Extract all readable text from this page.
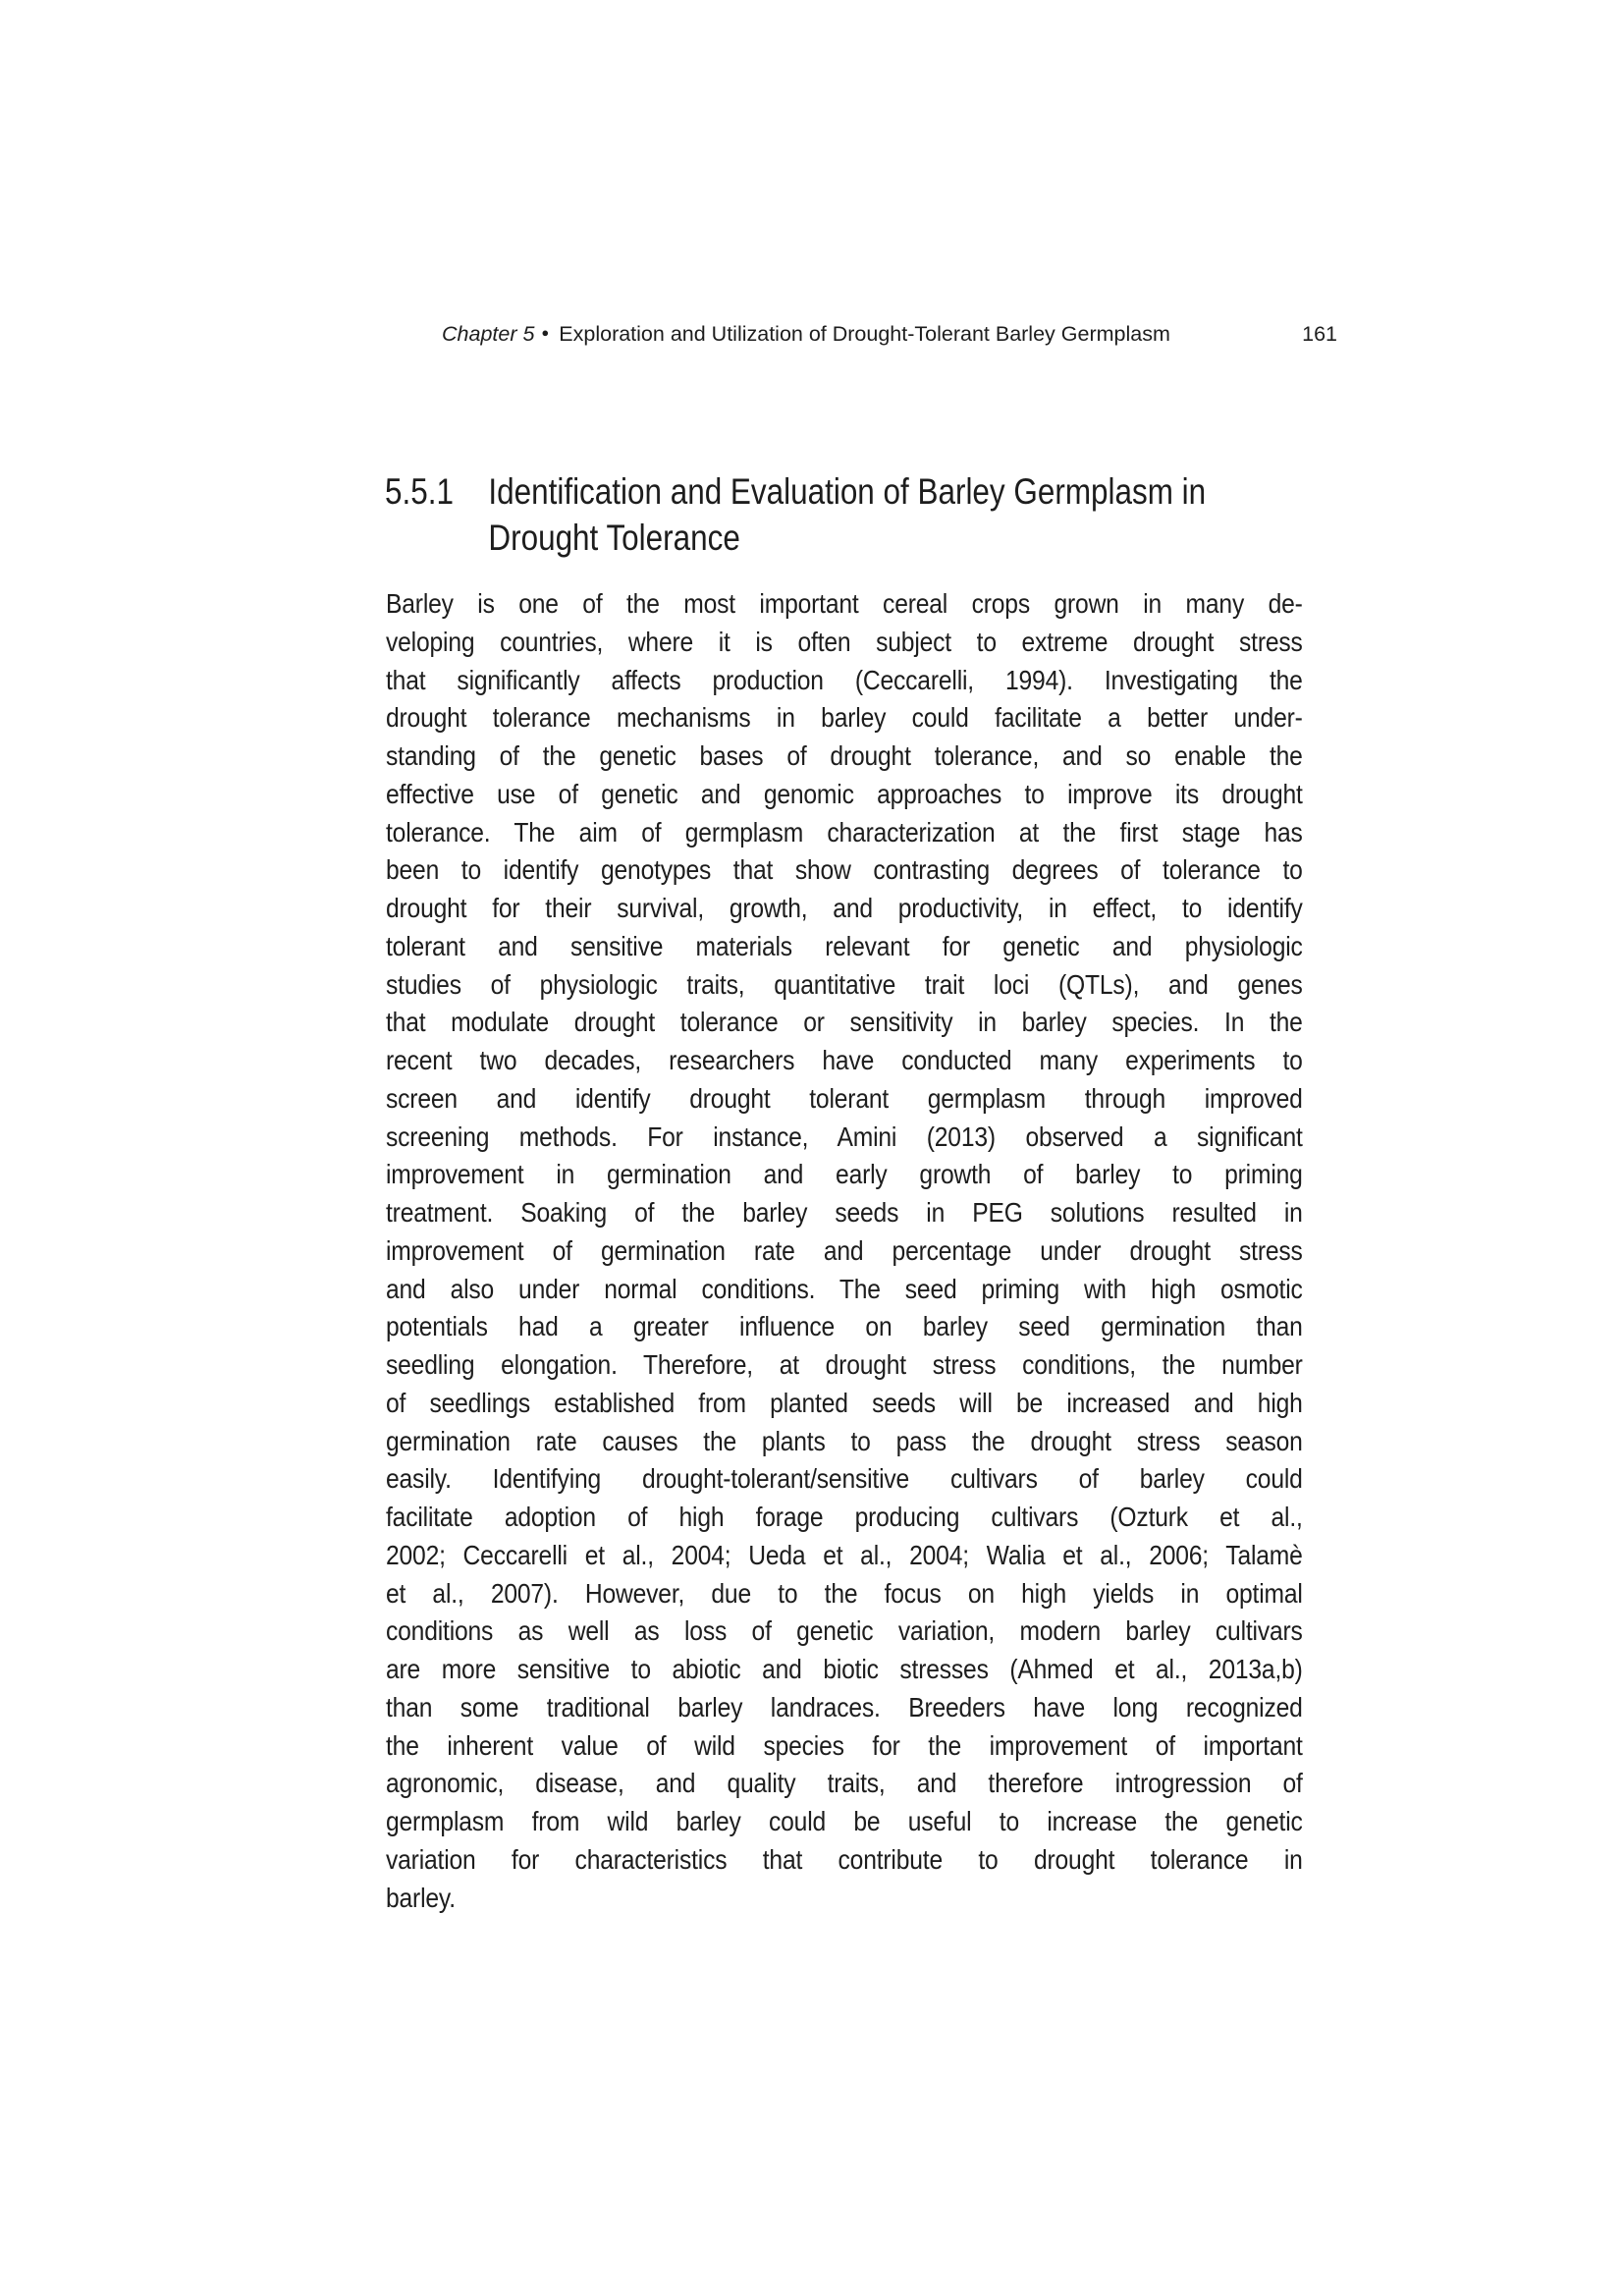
Chapter 5 ● Exploration and Utilization of Drought-Tolerant Barley Germplasm	161
5.5.1 Identification and Evaluation of Barley Germplasm in
Drought Tolerance
Barley is one of the most important cereal crops grown in many de-
veloping countries, where it is often subject to extreme drought stress
that significantly affects production (Ceccarelli, 1994). Investigating the
drought tolerance mechanisms in barley could facilitate a better under-
standing of the genetic bases of drought tolerance, and so enable the
effective use of genetic and genomic approaches to improve its drought
tolerance. The aim of germplasm characterization at the first stage has
been to identify genotypes that show contrasting degrees of tolerance to
drought for their survival, growth, and productivity, in effect, to identify
tolerant and sensitive materials relevant for genetic and physiologic
studies of physiologic traits, quantitative trait loci (QTLs), and genes
that modulate drought tolerance or sensitivity in barley species. In the
recent two decades, researchers have conducted many experiments to
screen and identify drought tolerant germplasm through improved
screening methods. For instance, Amini (2013) observed a significant
improvement in germination and early growth of barley to priming
treatment. Soaking of the barley seeds in PEG solutions resulted in
improvement of germination rate and percentage under drought stress
and also under normal conditions. The seed priming with high osmotic
potentials had a greater influence on barley seed germination than
seedling elongation. Therefore, at drought stress conditions, the number
of seedlings established from planted seeds will be increased and high
germination rate causes the plants to pass the drought stress season
easily. Identifying drought-tolerant/sensitive cultivars of barley could
facilitate adoption of high forage producing cultivars (Ozturk et al.,
2002; Ceccarelli et al., 2004; Ueda et al., 2004; Walia et al., 2006; Talamè
et al., 2007). However, due to the focus on high yields in optimal
conditions as well as loss of genetic variation, modern barley cultivars
are more sensitive to abiotic and biotic stresses (Ahmed et al., 2013a,b)
than some traditional barley landraces. Breeders have long recognized
the inherent value of wild species for the improvement of important
agronomic, disease, and quality traits, and therefore introgression of
germplasm from wild barley could be useful to increase the genetic
variation for characteristics that contribute to drought tolerance in
barley.
